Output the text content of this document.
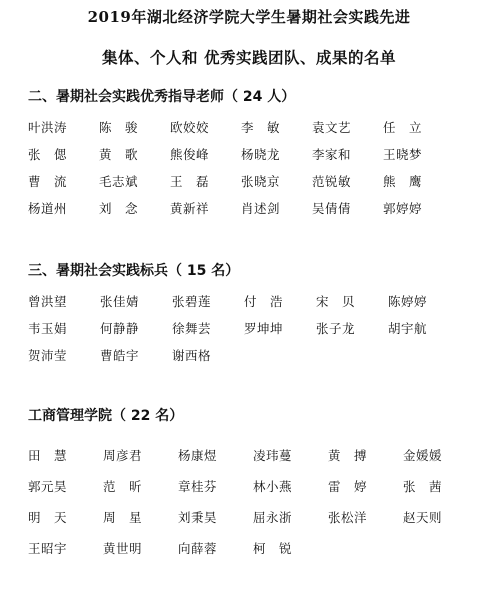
2019年湖北经济学院大学生暑期社会实践先进
集体、个人和 优秀实践团队、成果的名单
二、暑期社会实践优秀指导老师（ 24 人）
叶洪涛	陈　骏	欧姣姣	李　敏	袁文艺	任　立
张　偲	黄　歌	熊俊峰	杨晓龙	李家和	王晓梦
曹　流	毛志斌	王　磊	张晓京	范锐敏	熊　鹰
杨道州	刘　念	黄新祥	肖述剑	吴倩倩	郭婷婷
三、暑期社会实践标兵（ 15 名）
曾洪望	张佳婧	张碧莲	付　浩	宋　贝	陈婷婷
韦玉娟	何静静	徐舞芸	罗坤坤	张子龙	胡宇航
贺沛莹	曹皓宇	谢西格
工商管理学院（ 22 名）
田　慧	周彦君	杨康煜	凌玮蔓	黄　搏	金媛媛
郭元昊	范　昕	章桂芬	林小燕	雷　婷	张　茜
明　天	周　星	刘秉昊	屈永浙	张松洋	赵天则
王昭宇	黄世明	向薛蓉	柯　锐
